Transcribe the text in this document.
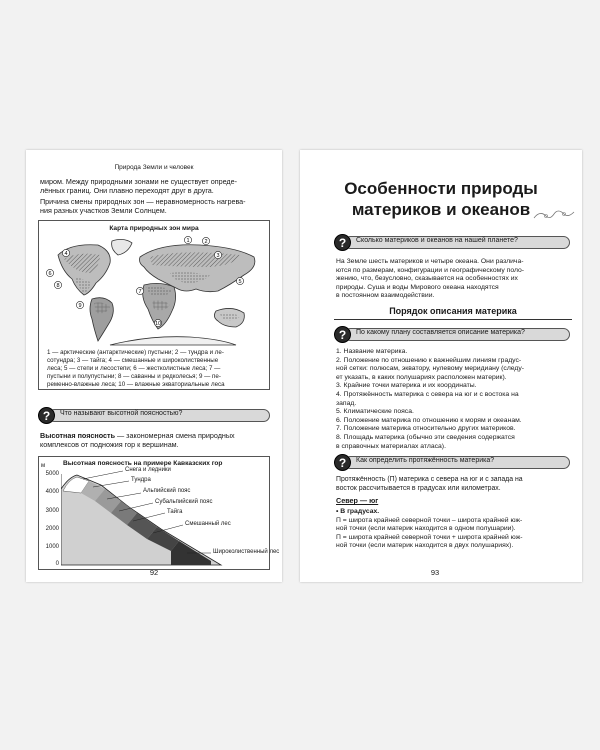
Природа Земли и человек
миром. Между природными зонами не существует опреде-
лённых границ. Они плавно переходят друг в друга.
Причина смены природных зон — неравномерность нагрева-
ния разных участков Земли Солнцем.
Карта природных зон мира
1	2
3
4
5
6
7
8
9
10
1 — арктические (антарктические) пустыни; 2 — тундра и ле-
сотундра; 3 — тайга; 4 — смешанные и широколиственные
леса; 5 — степи и лесостепи; 6 — жестколистные леса; 7 —
пустыни и полупустыни; 8 — саванны и редколесья; 9 — пе-
ременно-влажные леса; 10 — влажные экваториальные леса
?	Что называют высотной поясностью?
Высотная поясность — закономерная смена природных
комплексов от подножия гор к вершинам.
Высотная поясность на примере Кавказских гор
м
5000
4000
3000
2000
1000
0
Снега и ледники
Тундра
Альпийский пояс
Субальпийский пояс
Тайга
Смешанный лес
Широколиственный лес
92
Особенности природы
материков и океанов
?	Сколько материков и океанов на нашей планете?
На Земле шесть материков и четыре океана. Они различа-
ются по размерам, конфигурации и географическому поло-
жению, что, безусловно, сказывается на особенностях их
природы. Суша и воды Мирового океана находятся
в постоянном взаимодействии.
Порядок описания материка
?	По какому плану составляется описание материка?
1. Название материка.
2. Положение по отношению к важнейшим линиям градус-
ной сетки: полюсам, экватору, нулевому меридиану (следу-
ет указать, в каких полушариях расположен материк).
3. Крайние точки материка и их координаты.
4. Протяжённость материка с севера на юг и с востока на
запад.
5. Климатические пояса.
6. Положение материка по отношению к морям и океанам.
7. Положение материка относительно других материков.
8. Площадь материка (обычно эти сведения содержатся
в справочных материалах атласа).
?	Как определить протяжённость материка?
Протяжённость (П) материка с севера на юг и с запада на
восток рассчитывается в градусах или километрах.
Север — юг
• В градусах.
П = широта крайней северной точки – широта крайней юж-
ной точки (если материк находится в одном полушарии).
П = широта крайней северной точки + широта крайней юж-
ной точки (если материк находится в двух полушариях).
93
